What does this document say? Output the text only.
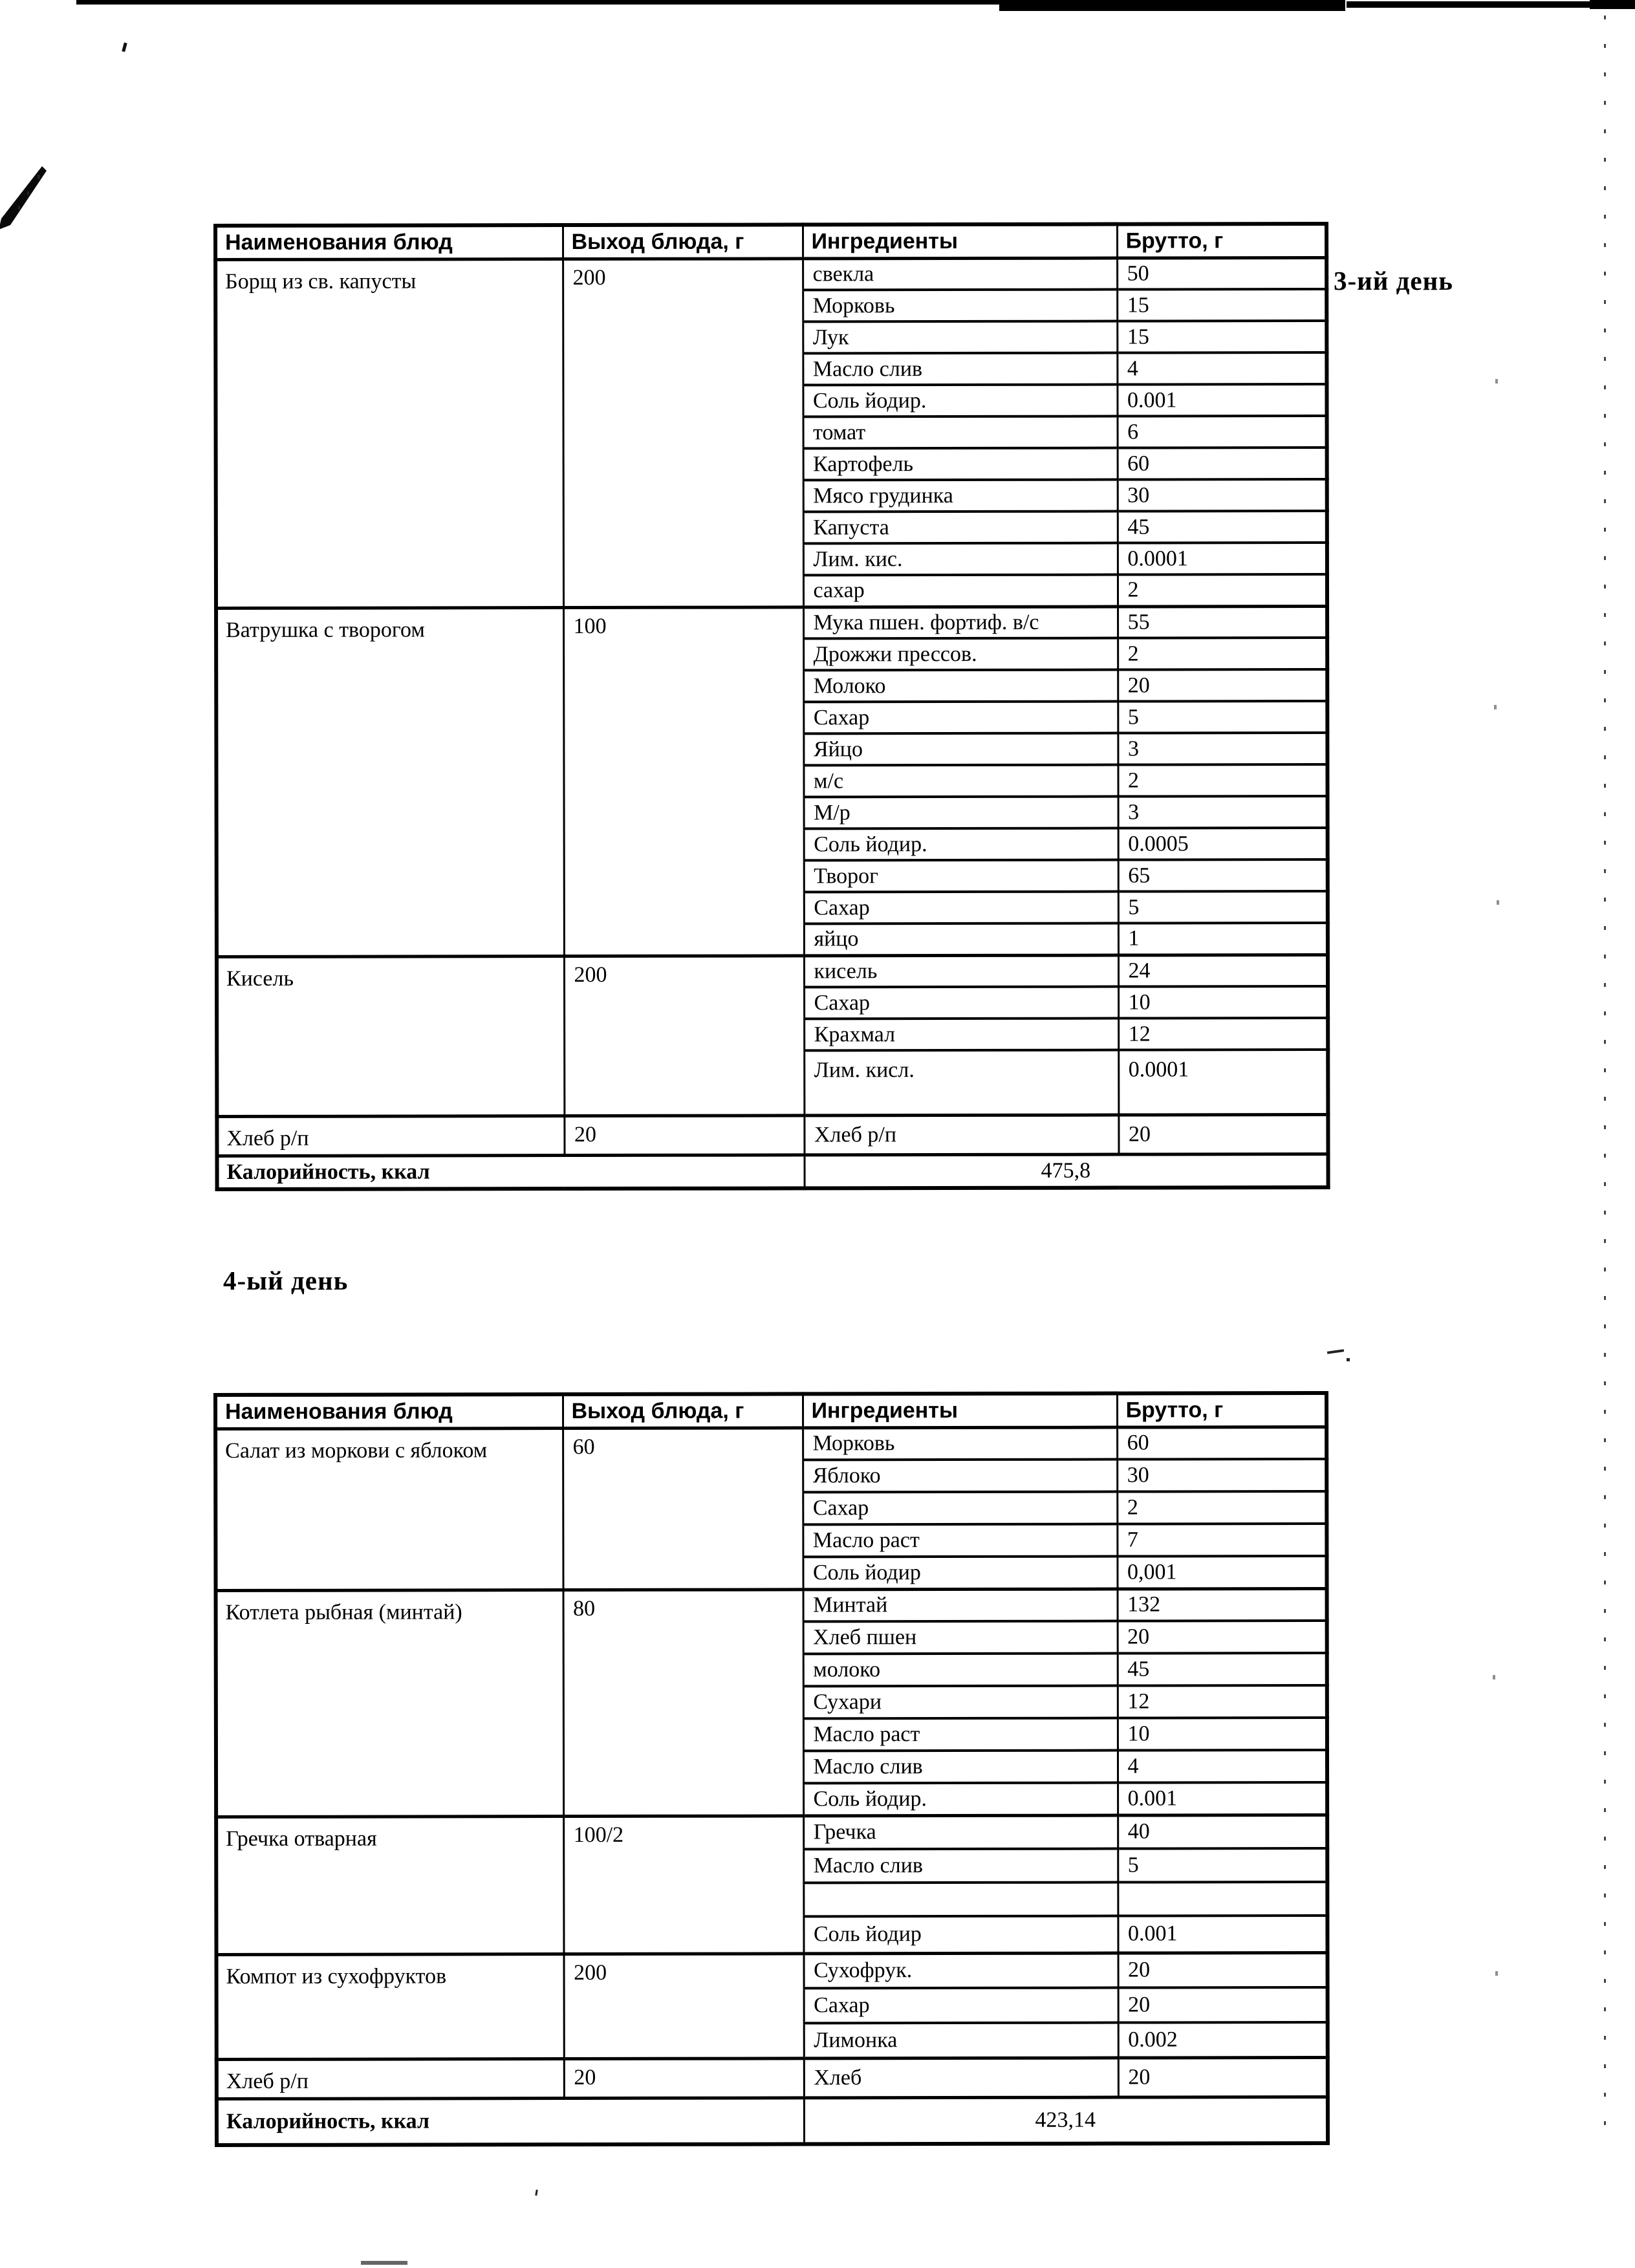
3-ий день
4-ый день
Наименования блюд	Выход блюда, г	Ингредиенты	Брутто, г
Борщ из св. капусты	200	свекла	50
		Морковь	15
		Лук	15
		Масло слив	4
		Соль йодир.	0.001
		томат	6
		Картофель	60
		Мясо грудинка	30
		Капуста	45
		Лим. кис.	0.0001
		сахар	2
Ватрушка с творогом	100	Мука пшен. фортиф. в/с	55
		Дрожжи прессов.	2
		Молоко	20
		Сахар	5
		Яйцо	3
		м/с	2
		М/р	3
		Соль йодир.	0.0005
		Творог	65
		Сахар	5
		яйцо	1
Кисель	200	кисель	24
		Сахар	10
		Крахмал	12
		Лим. кисл.	0.0001
Хлеб р/п	20	Хлеб р/п	20
Калорийность, ккал		475,8	
Наименования блюд	Выход блюда, г	Ингредиенты	Брутто, г
Салат из моркови с яблоком	60	Морковь	60
		Яблоко	30
		Сахар	2
		Масло раст	7
		Соль йодир	0,001
Котлета рыбная (минтай)	80	Минтай	132
		Хлеб пшен	20
		молоко	45
		Сухари	12
		Масло раст	10
		Масло слив	4
		Соль йодир.	0.001
Гречка отварная	100/2	Гречка	40
		Масло слив	5

		Соль йодир	0.001
Компот из сухофруктов	200	Сухофрук.	20
		Сахар	20
		Лимонка	0.002
Хлеб р/п	20	Хлеб	20
Калорийность, ккал		423,14	
